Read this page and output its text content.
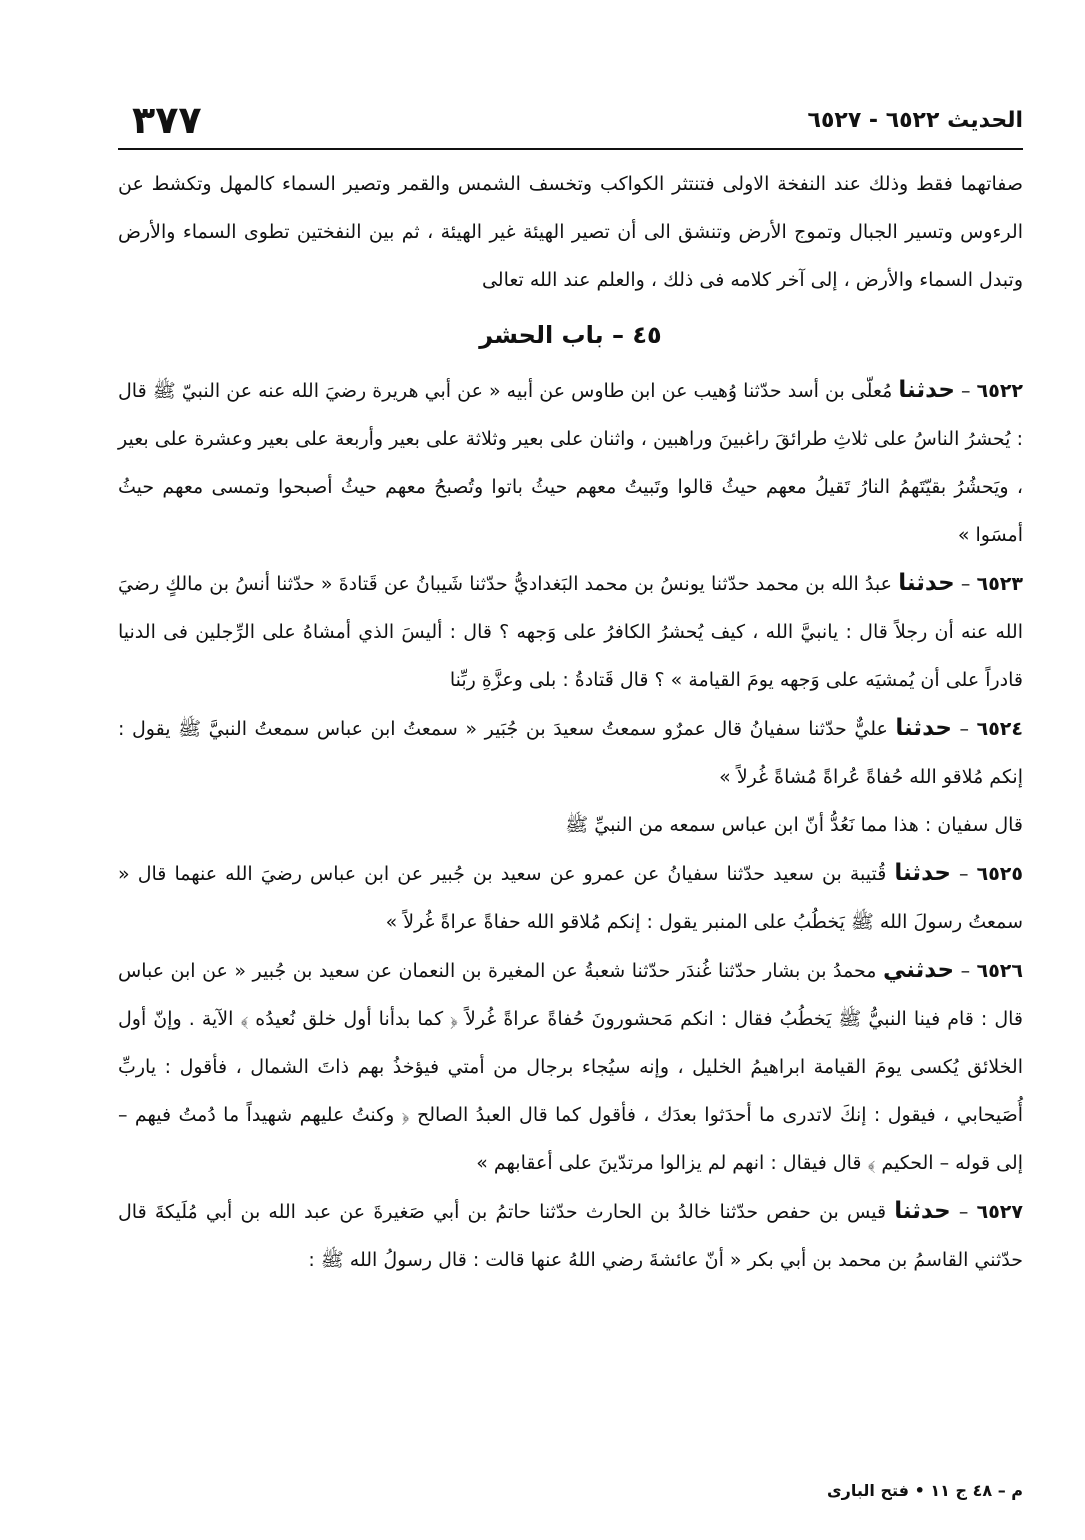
٣٧٧	الحديث ٦٥٢٢ - ٦٥٢٧

صفاتهما فقط وذلك عند النفخة الاولى فتنتثر الكواكب وتخسف الشمس والقمر وتصير السماء كالمهل وتكشط عن الرءوس وتسير الجبال وتموج الأرض وتنشق الى أن تصير الهيئة غير الهيئة ، ثم بين النفختين تطوى السماء والأرض وتبدل السماء والأرض ، إلى آخر كلامه فى ذلك ، والعلم عند الله تعالى

٤٥ – باب الحشر

٦٥٢٢ – حدثنا مُعلّى بن أسد حدّثنا وُهيب عن ابن طاوس عن أبيه « عن أبي هريرة رضيَ الله عنه عن النبيّ ﷺ قال : يُحشرُ الناسُ على ثلاثِ طرائقَ راغبينَ وراهبين ، واثنان على بعير وثلاثة على بعير وأربعة على بعير وعشرة على بعير ، ويَحشُرُ بقيّتَهمُ النارُ تَقيلُ معهم حيثُ قالوا وتَبيتُ معهم حيثُ باتوا وتُصبحُ معهم حيثُ أصبحوا وتمسى معهم حيثُ أمسَوا »

٦٥٢٣ – حدثنا عبدُ الله بن محمد حدّثنا يونسُ بن محمد البَغداديُّ حدّثنا شَيبانُ عن قَتادةَ « حدّثنا أنسُ بن مالكٍ رضيَ الله عنه أن رجلاً قال : يانبيَّ الله ، كيف يُحشرُ الكافرُ على وَجهه ؟ قال : أليسَ الذي أمشاهُ على الرِّجلين فى الدنيا قادراً على أن يُمشيَه على وَجهه يومَ القيامة » ؟ قال قَتادةُ : بلى وعزَّةِ ربِّنا

٦٥٢٤ – حدثنا عليٌّ حدّثنا سفيانُ قال عمرٌو سمعتُ سعيدَ بن جُبَير « سمعتُ ابن عباس سمعتُ النبيَّ ﷺ يقول : إنكم مُلاقو الله حُفاةً عُراةً مُشاةً غُرلاً »

قال سفيان : هذا مما نَعُدُّ أنّ ابن عباس سمعه من النبيِّ ﷺ

٦٥٢٥ – حدثنا قُتيبة بن سعيد حدّثنا سفيانُ عن عمرو عن سعيد بن جُبير عن ابن عباس رضيَ الله عنهما قال « سمعتُ رسولَ الله ﷺ يَخطُبُ على المنبر يقول : إنكم مُلاقو الله حفاةً عراةً غُرلاً »

٦٥٢٦ – حدثني محمدُ بن بشار حدّثنا غُندَر حدّثنا شعبةُ عن المغيرة بن النعمان عن سعيد بن جُبير « عن ابن عباس قال : قام فينا النبيُّ ﷺ يَخطُبُ فقال : انكم مَحشورونَ حُفاةً عراةً غُرلاً ﴿ كما بدأنا أول خلق نُعيدُه ﴾ الآية . وإنّ أول الخلائق يُكسى يومَ القيامة ابراهيمُ الخليل ، وإنه سيُجاء برجال من أمتي فيؤخذُ بهم ذاتَ الشمال ، فأقول : ياربِّ أُصَيحابي ، فيقول : إنكَ لاتدرى ما أحدَثوا بعدَك ، فأقول كما قال العبدُ الصالح ﴿ وكنتُ عليهم شهيداً ما دُمتُ فيهم – إلى قوله – الحكيم ﴾ قال فيقال : انهم لم يزالوا مرتدّينَ على أعقابهم »

٦٥٢٧ – حدثنا قيس بن حفص حدّثنا خالدُ بن الحارث حدّثنا حاتمُ بن أبي صَغيرةَ عن عبد الله بن أبي مُلَيكةَ قال حدّثني القاسمُ بن محمد بن أبي بكر « أنّ عائشةَ رضي اللهُ عنها قالت : قال رسولُ الله ﷺ :

م – ٤٨ ج ١١ • فتح البارى
